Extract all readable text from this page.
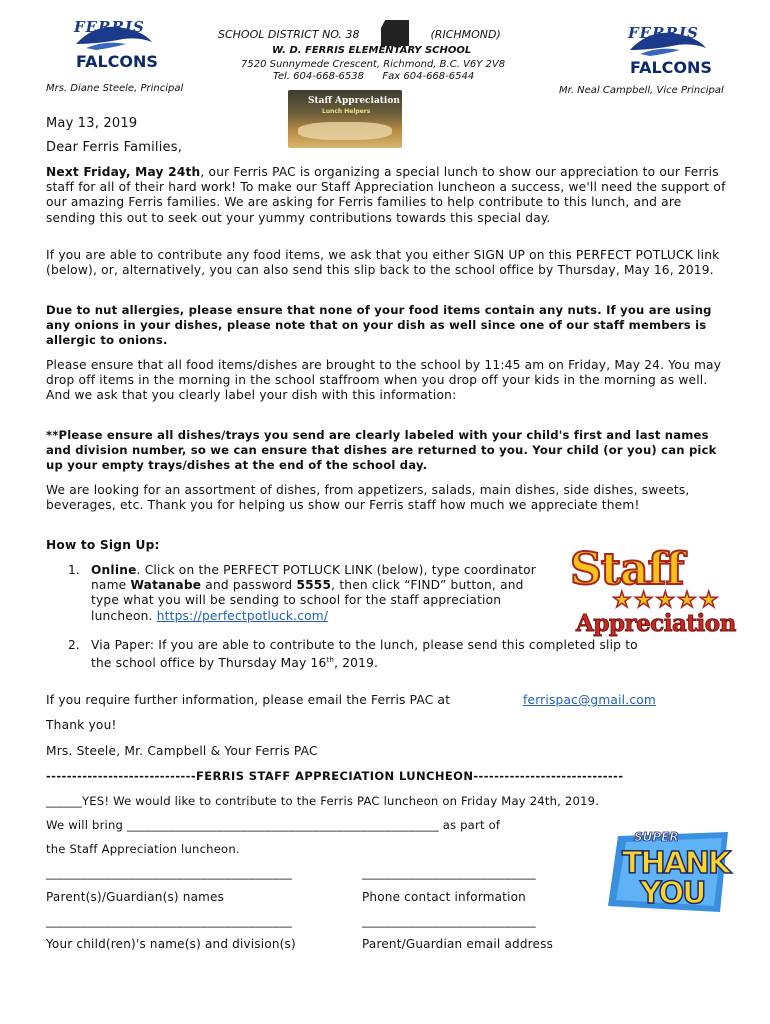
FERRIS
FALCONS
FERRIS
FALCONS
SCHOOL DISTRICT NO. 38	(RICHMOND)
W. D. FERRIS ELEMENTARY SCHOOL
7520 Sunnymede Crescent, Richmond, B.C. V6Y 2V8
Tel. 604-668-6538 Fax 604-668-6544
Mrs. Diane Steele, Principal	Mr. Neal Campbell, Vice Principal
Staff Appreciation
Lunch Helpers
May 13, 2019
Dear Ferris Families,
Next Friday, May 24th, our Ferris PAC is organizing a special lunch to show our appreciation to our Ferris staff for all of their hard work! To make our Staff Appreciation luncheon a success, we'll need the support of our amazing Ferris families. We are asking for Ferris families to help contribute to this lunch, and are sending this out to seek out your yummy contributions towards this special day.
If you are able to contribute any food items, we ask that you either SIGN UP on this PERFECT POTLUCK link (below), or, alternatively, you can also send this slip back to the school office by Thursday, May 16, 2019.
Due to nut allergies, please ensure that none of your food items contain any nuts. If you are using any onions in your dishes, please note that on your dish as well since one of our staff members is allergic to onions.
Please ensure that all food items/dishes are brought to the school by 11:45 am on Friday, May 24. You may drop off items in the morning in the school staffroom when you drop off your kids in the morning as well. And we ask that you clearly label your dish with this information:
**Please ensure all dishes/trays you send are clearly labeled with your child's first and last names and division number, so we can ensure that dishes are returned to you. Your child (or you) can pick up your empty trays/dishes at the end of the school day.
We are looking for an assortment of dishes, from appetizers, salads, main dishes, side dishes, sweets, beverages, etc. Thank you for helping us show our Ferris staff how much we appreciate them!
How to Sign Up:
1. Online. Click on the PERFECT POTLUCK LINK (below), type coordinator name Watanabe and password 5555, then click “FIND” button, and type what you will be sending to school for the staff appreciation luncheon. https://perfectpotluck.com/
Staff
★★★★★
Appreciation
2. Via Paper: If you are able to contribute to the lunch, please send this completed slip to the school office by Thursday May 16th, 2019.
If you require further information, please email the Ferris PAC at	ferrispac@gmail.com
Thank you!
Mrs. Steele, Mr. Campbell & Your Ferris PAC
-----------------------------FERRIS STAFF APPRECIATION LUNCHEON-----------------------------
______YES! We would like to contribute to the Ferris PAC luncheon on Friday May 24th, 2019.
We will bring ____________________________________________________ as part of
the Staff Appreciation luncheon.
_________________________________________	_____________________________
Parent(s)/Guardian(s) names	Phone contact information
_________________________________________	_____________________________
Your child(ren)'s name(s) and division(s)	Parent/Guardian email address
SUPER
THANK
YOU
